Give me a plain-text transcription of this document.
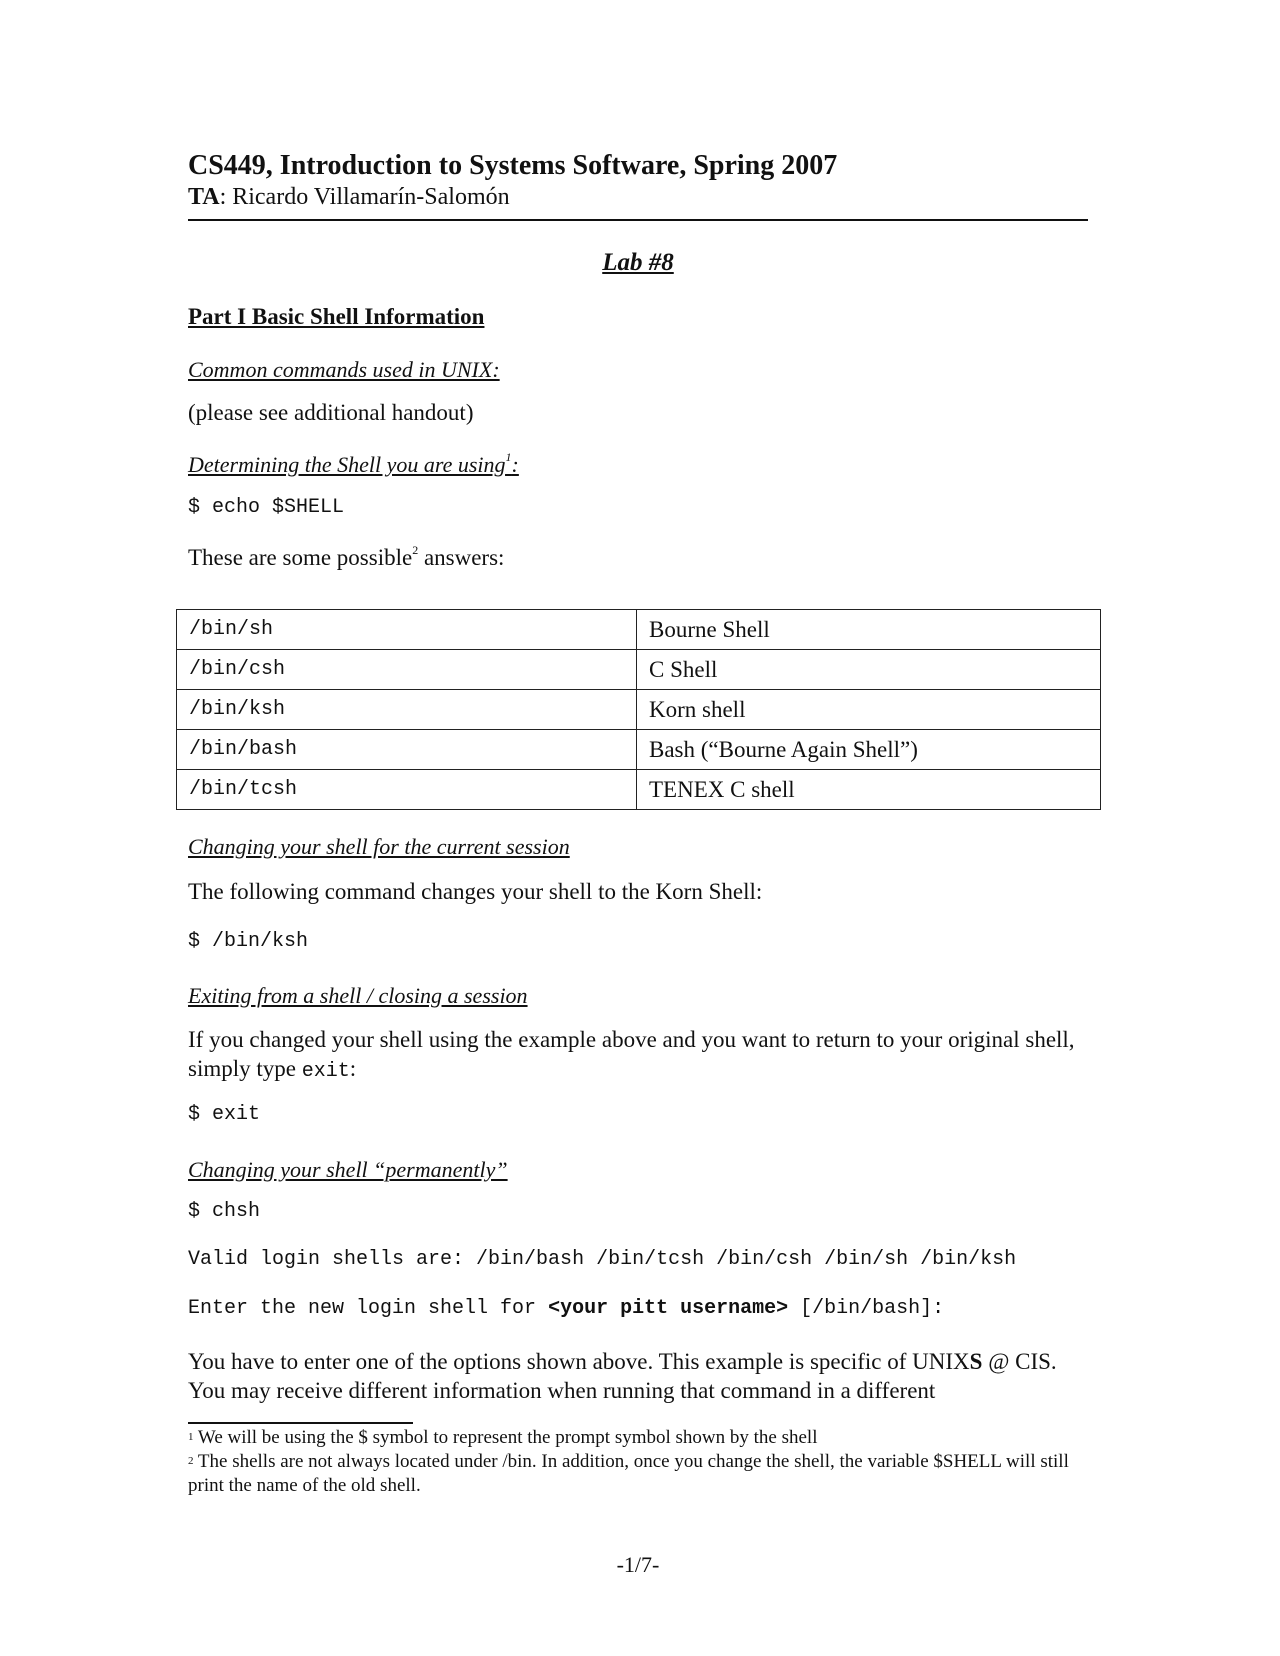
CS449, Introduction to Systems Software, Spring 2007
TA: Ricardo Villamarín-Salomón
Lab #8
Part I Basic Shell Information
Common commands used in UNIX:
(please see additional handout)
Determining the Shell you are using$^1$:
$ echo $SHELL
These are some possible$^2$ answers:
/bin/sh	Bourne Shell
/bin/csh	C Shell
/bin/ksh	Korn shell
/bin/bash	Bash (“Bourne Again Shell”)
/bin/tcsh	TENEX C shell
Changing your shell for the current session
The following command changes your shell to the Korn Shell:
$ /bin/ksh
Exiting from a shell / closing a session
If you changed your shell using the example above and you want to return to your original shell, simply type exit:
$ exit
Changing your shell “permanently”
$ chsh
Valid login shells are: /bin/bash /bin/tcsh /bin/csh /bin/sh /bin/ksh
Enter the new login shell for <your pitt username> [/bin/bash]:
You have to enter one of the options shown above. This example is specific of UNIXS @ CIS. You may receive different information when running that command in a different
$^1$ We will be using the $ symbol to represent the prompt symbol shown by the shell
$^2$ The shells are not always located under /bin. In addition, once you change the shell, the variable $SHELL will still print the name of the old shell.
-1/7-
